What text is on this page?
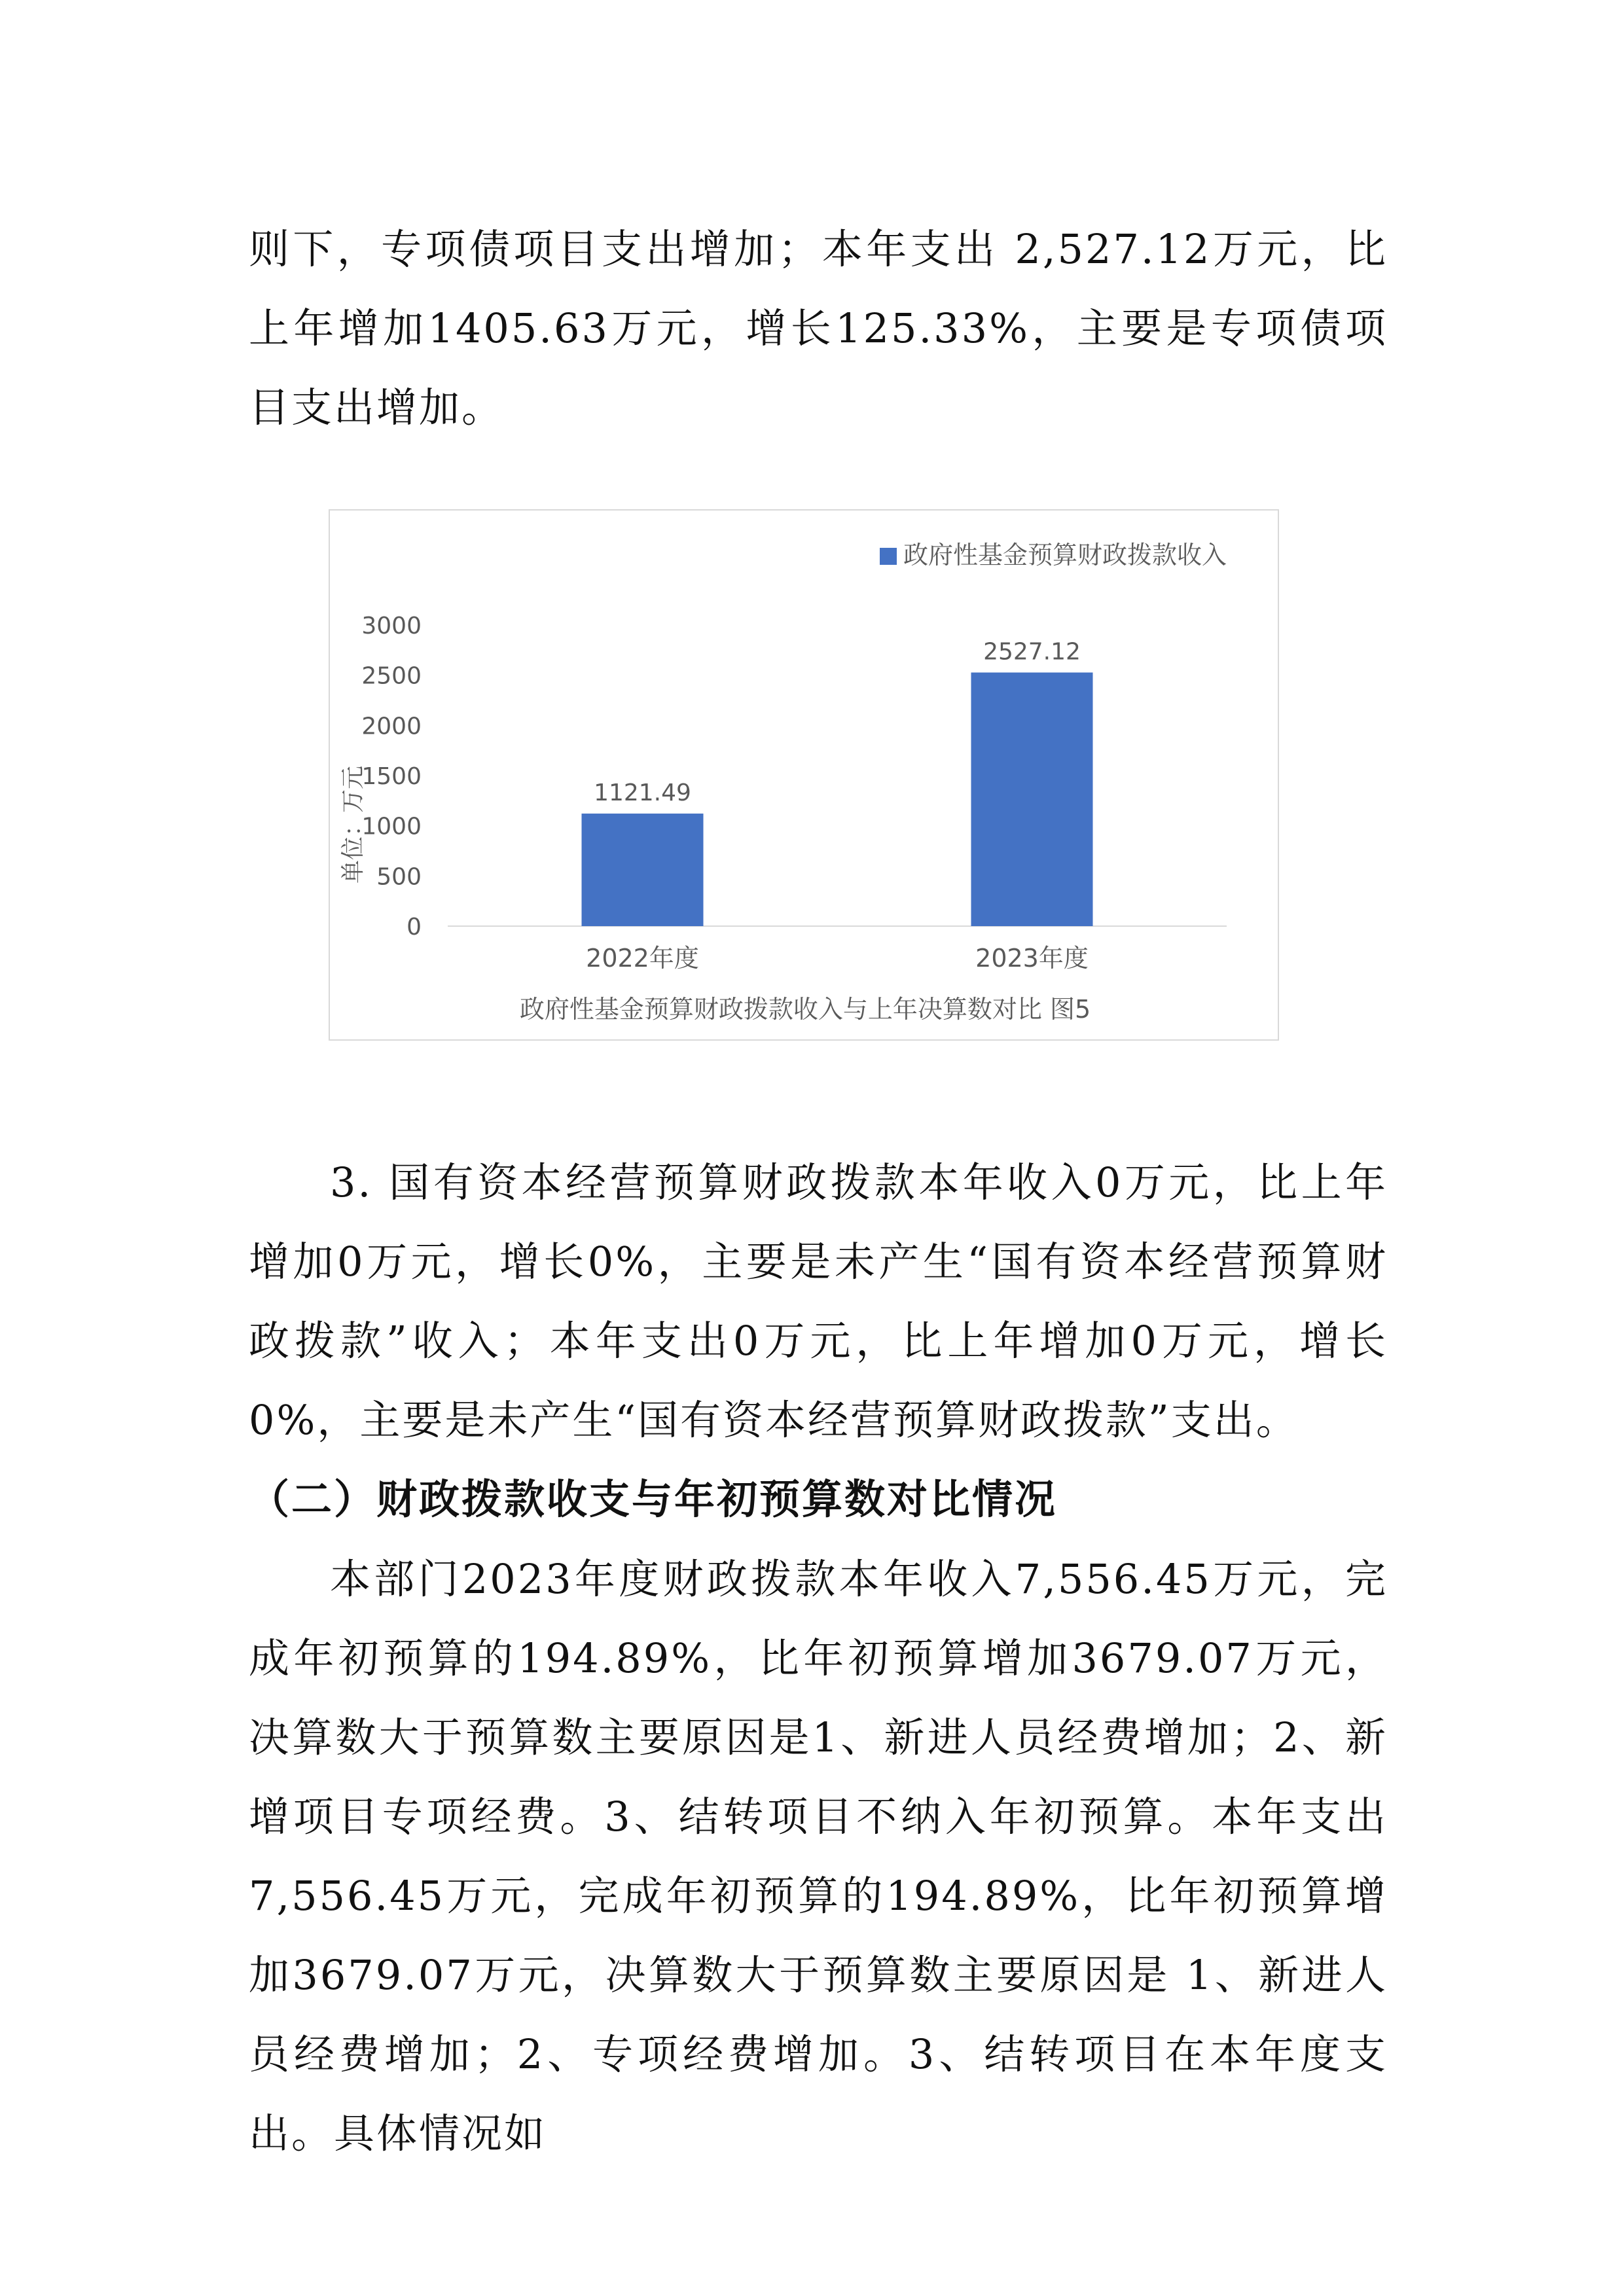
则下，专项债项目支出增加；本年支出 2,527.12万元，比上年增加1405.63万元，增长125.33%，主要是专项债项目支出增加。

政府性基金预算财政拨款收入
单位：万元
政府性基金预算财政拨款收入与上年决算数对比 图5
0
500
1000
1500
2000
2500
3000
1121.49
2022年度
2527.12
2023年度

3. 国有资本经营预算财政拨款本年收入0万元，比上年增加0万元，增长0%，主要是未产生“国有资本经营预算财政拨款”收入；本年支出0万元，比上年增加0万元，增长0%，主要是未产生“国有资本经营预算财政拨款”支出。

（二）财政拨款收支与年初预算数对比情况

本部门2023年度财政拨款本年收入7,556.45万元，完成年初预算的194.89%，比年初预算增加3679.07万元，决算数大于预算数主要原因是1、新进人员经费增加；2、新增项目专项经费。3、结转项目不纳入年初预算。本年支出7,556.45万元，完成年初预算的194.89%，比年初预算增加3679.07万元，决算数大于预算数主要原因是 1、新进人员经费增加；2、专项经费增加。3、结转项目在本年度支出。具体情况如
